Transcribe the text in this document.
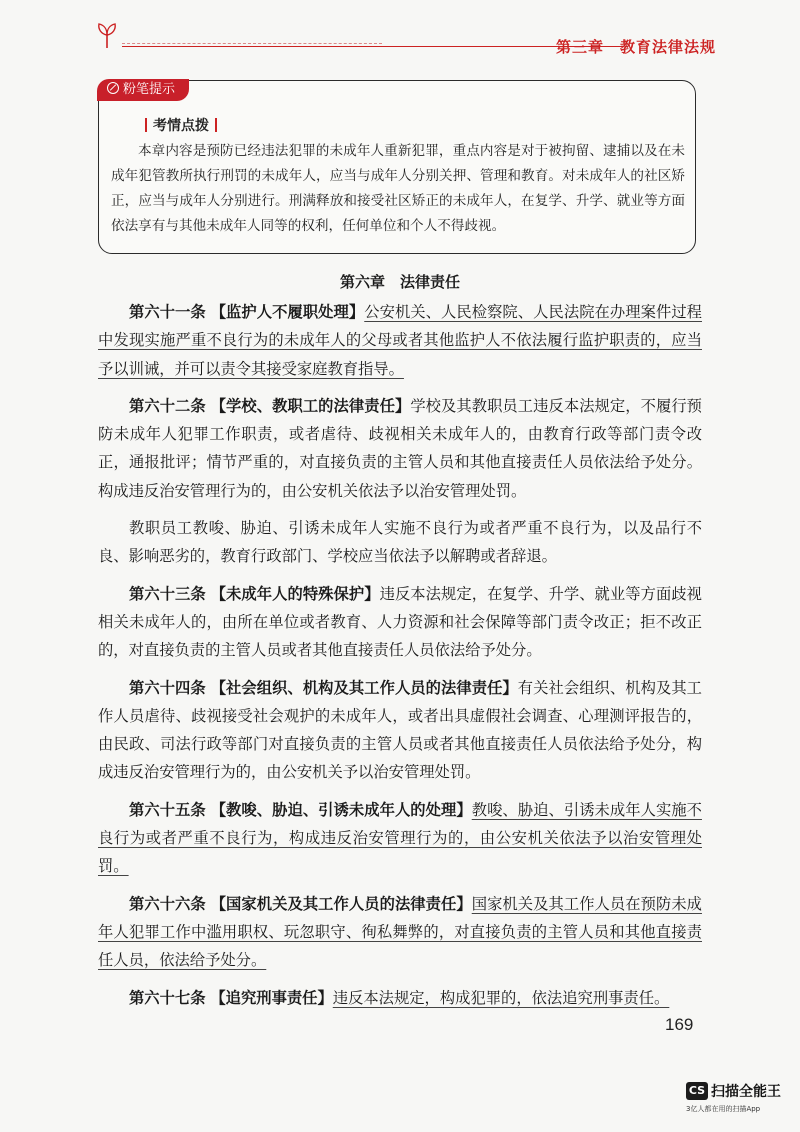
第三章　教育法律法规
粉笔提示
考情点拨
本章内容是预防已经违法犯罪的未成年人重新犯罪，重点内容是对于被拘留、逮捕以及在未成年犯管教所执行刑罚的未成年人，应当与成年人分别关押、管理和教育。对未成年人的社区矫正，应当与成年人分别进行。刑满释放和接受社区矫正的未成年人，在复学、升学、就业等方面依法享有与其他未成年人同等的权利，任何单位和个人不得歧视。
第六章　法律责任

第六十一条 【监护人不履职处理】公安机关、人民检察院、人民法院在办理案件过程中发现实施严重不良行为的未成年人的父母或者其他监护人不依法履行监护职责的，应当予以训诫，并可以责令其接受家庭教育指导。

第六十二条 【学校、教职工的法律责任】学校及其教职员工违反本法规定，不履行预防未成年人犯罪工作职责，或者虐待、歧视相关未成年人的，由教育行政等部门责令改正，通报批评；情节严重的，对直接负责的主管人员和其他直接责任人员依法给予处分。构成违反治安管理行为的，由公安机关依法予以治安管理处罚。

教职员工教唆、胁迫、引诱未成年人实施不良行为或者严重不良行为，以及品行不良、影响恶劣的，教育行政部门、学校应当依法予以解聘或者辞退。

第六十三条 【未成年人的特殊保护】违反本法规定，在复学、升学、就业等方面歧视相关未成年人的，由所在单位或者教育、人力资源和社会保障等部门责令改正；拒不改正的，对直接负责的主管人员或者其他直接责任人员依法给予处分。

第六十四条 【社会组织、机构及其工作人员的法律责任】有关社会组织、机构及其工作人员虐待、歧视接受社会观护的未成年人，或者出具虚假社会调查、心理测评报告的，由民政、司法行政等部门对直接负责的主管人员或者其他直接责任人员依法给予处分，构成违反治安管理行为的，由公安机关予以治安管理处罚。

第六十五条 【教唆、胁迫、引诱未成年人的处理】教唆、胁迫、引诱未成年人实施不良行为或者严重不良行为，构成违反治安管理行为的，由公安机关依法予以治安管理处罚。

第六十六条 【国家机关及其工作人员的法律责任】国家机关及其工作人员在预防未成年人犯罪工作中滥用职权、玩忽职守、徇私舞弊的，对直接负责的主管人员和其他直接责任人员，依法给予处分。

第六十七条 【追究刑事责任】违反本法规定，构成犯罪的，依法追究刑事责任。

169
CS 扫描全能王
3亿人都在用的扫描App
